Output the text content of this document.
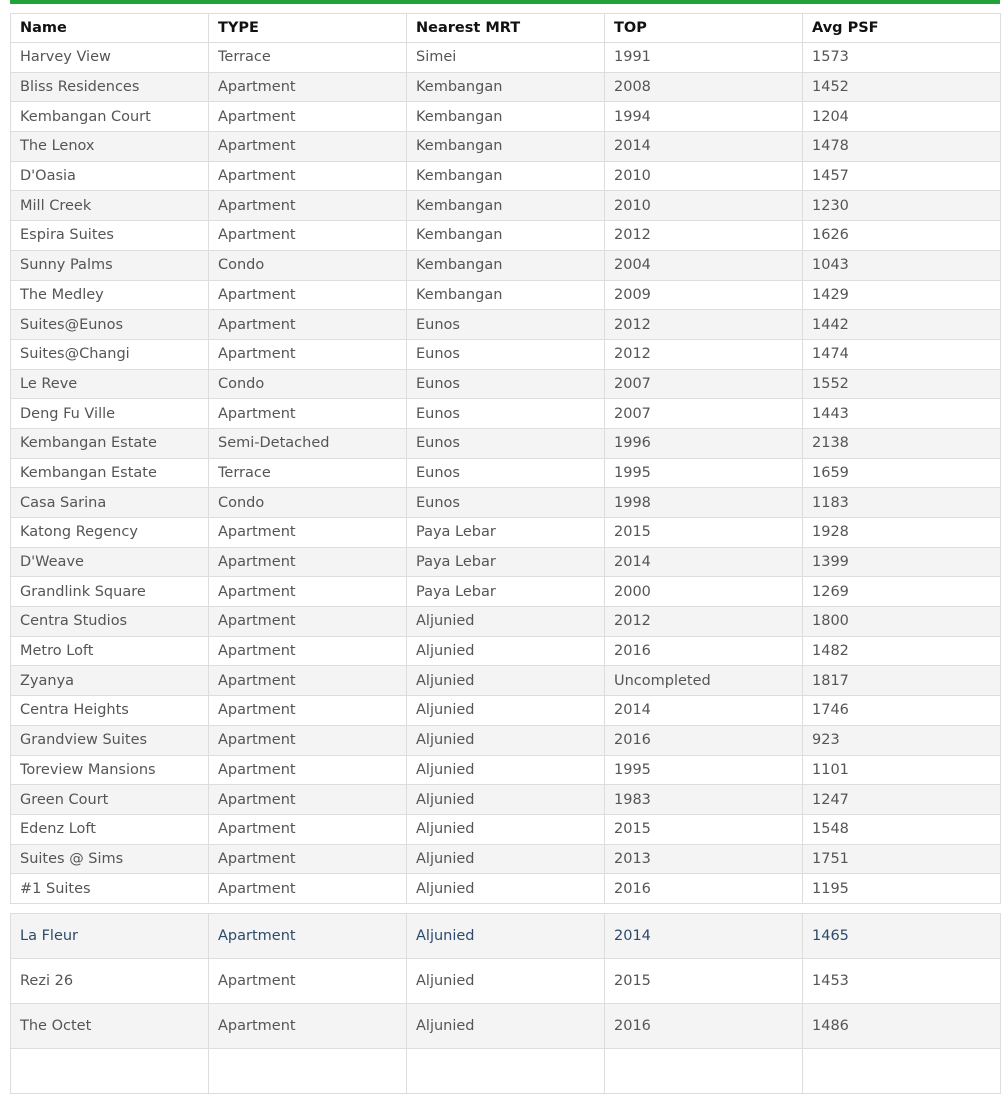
Name	TYPE	Nearest MRT	TOP	Avg PSF
Harvey View	Terrace	Simei	1991	1573
Bliss Residences	Apartment	Kembangan	2008	1452
Kembangan Court	Apartment	Kembangan	1994	1204
The Lenox	Apartment	Kembangan	2014	1478
D'Oasia	Apartment	Kembangan	2010	1457
Mill Creek	Apartment	Kembangan	2010	1230
Espira Suites	Apartment	Kembangan	2012	1626
Sunny Palms	Condo	Kembangan	2004	1043
The Medley	Apartment	Kembangan	2009	1429
Suites@Eunos	Apartment	Eunos	2012	1442
Suites@Changi	Apartment	Eunos	2012	1474
Le Reve	Condo	Eunos	2007	1552
Deng Fu Ville	Apartment	Eunos	2007	1443
Kembangan Estate	Semi-Detached	Eunos	1996	2138
Kembangan Estate	Terrace	Eunos	1995	1659
Casa Sarina	Condo	Eunos	1998	1183
Katong Regency	Apartment	Paya Lebar	2015	1928
D'Weave	Apartment	Paya Lebar	2014	1399
Grandlink Square	Apartment	Paya Lebar	2000	1269
Centra Studios	Apartment	Aljunied	2012	1800
Metro Loft	Apartment	Aljunied	2016	1482
Zyanya	Apartment	Aljunied	Uncompleted	1817
Centra Heights	Apartment	Aljunied	2014	1746
Grandview Suites	Apartment	Aljunied	2016	923
Toreview Mansions	Apartment	Aljunied	1995	1101
Green Court	Apartment	Aljunied	1983	1247
Edenz Loft	Apartment	Aljunied	2015	1548
Suites @ Sims	Apartment	Aljunied	2013	1751
#1 Suites	Apartment	Aljunied	2016	1195
La Fleur	Apartment	Aljunied	2014	1465
Rezi 26	Apartment	Aljunied	2015	1453
The Octet	Apartment	Aljunied	2016	1486
